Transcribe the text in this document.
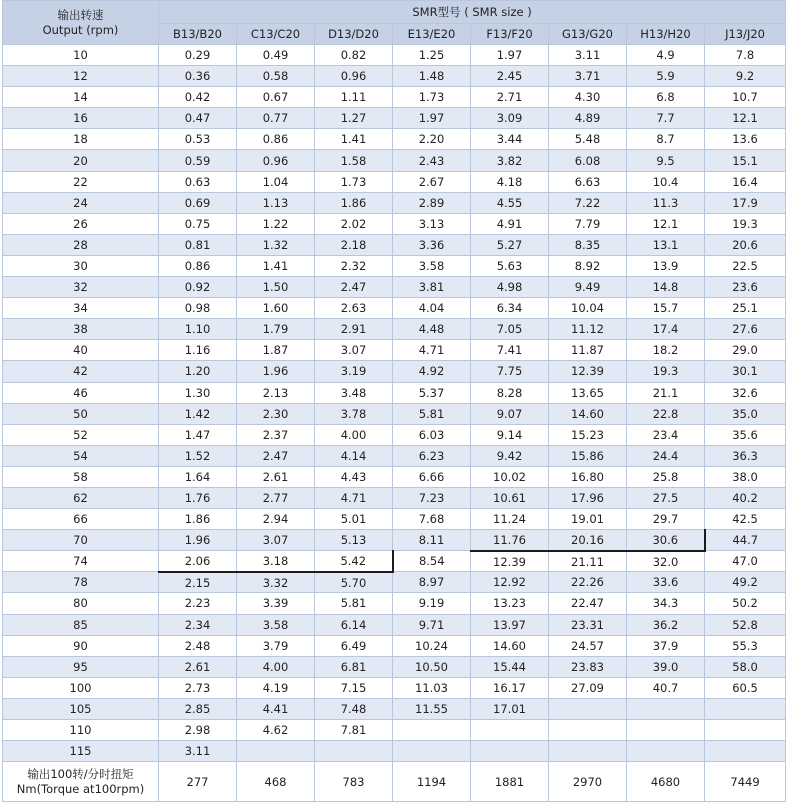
输出转速
Output (rpm)	SMR型号 ( SMR size )							
	B13/B20	C13/C20	D13/D20	E13/E20	F13/F20	G13/G20	H13/H20	J13/J20
10	0.29	0.49	0.82	1.25	1.97	3.11	4.9	7.8
12	0.36	0.58	0.96	1.48	2.45	3.71	5.9	9.2
14	0.42	0.67	1.11	1.73	2.71	4.30	6.8	10.7
16	0.47	0.77	1.27	1.97	3.09	4.89	7.7	12.1
18	0.53	0.86	1.41	2.20	3.44	5.48	8.7	13.6
20	0.59	0.96	1.58	2.43	3.82	6.08	9.5	15.1
22	0.63	1.04	1.73	2.67	4.18	6.63	10.4	16.4
24	0.69	1.13	1.86	2.89	4.55	7.22	11.3	17.9
26	0.75	1.22	2.02	3.13	4.91	7.79	12.1	19.3
28	0.81	1.32	2.18	3.36	5.27	8.35	13.1	20.6
30	0.86	1.41	2.32	3.58	5.63	8.92	13.9	22.5
32	0.92	1.50	2.47	3.81	4.98	9.49	14.8	23.6
34	0.98	1.60	2.63	4.04	6.34	10.04	15.7	25.1
38	1.10	1.79	2.91	4.48	7.05	11.12	17.4	27.6
40	1.16	1.87	3.07	4.71	7.41	11.87	18.2	29.0
42	1.20	1.96	3.19	4.92	7.75	12.39	19.3	30.1
46	1.30	2.13	3.48	5.37	8.28	13.65	21.1	32.6
50	1.42	2.30	3.78	5.81	9.07	14.60	22.8	35.0
52	1.47	2.37	4.00	6.03	9.14	15.23	23.4	35.6
54	1.52	2.47	4.14	6.23	9.42	15.86	24.4	36.3
58	1.64	2.61	4.43	6.66	10.02	16.80	25.8	38.0
62	1.76	2.77	4.71	7.23	10.61	17.96	27.5	40.2
66	1.86	2.94	5.01	7.68	11.24	19.01	29.7	42.5
70	1.96	3.07	5.13	8.11	11.76	20.16	30.6	44.7
74	2.06	3.18	5.42	8.54	12.39	21.11	32.0	47.0
78	2.15	3.32	5.70	8.97	12.92	22.26	33.6	49.2
80	2.23	3.39	5.81	9.19	13.23	22.47	34.3	50.2
85	2.34	3.58	6.14	9.71	13.97	23.31	36.2	52.8
90	2.48	3.79	6.49	10.24	14.60	24.57	37.9	55.3
95	2.61	4.00	6.81	10.50	15.44	23.83	39.0	58.0
100	2.73	4.19	7.15	11.03	16.17	27.09	40.7	60.5
105	2.85	4.41	7.48	11.55	17.01			
110	2.98	4.62	7.81					
115	3.11							

输出100转/分时扭矩
Nm(Torque at100rpm)	277	468	783	1194	1881	2970	4680	7449
